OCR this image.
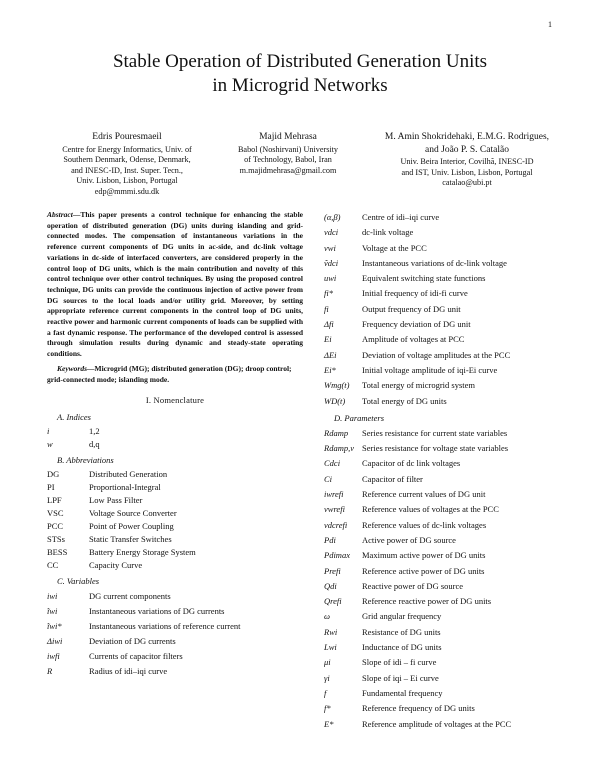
1
Stable Operation of Distributed Generation Units
in Microgrid Networks
Edris Pouresmaeil
Centre for Energy Informatics, Univ. of
Southern Denmark, Odense, Denmark,
and INESC-ID, Inst. Super. Tecn.,
Univ. Lisbon, Lisbon, Portugal
edp@mmmi.sdu.dk
Majid Mehrasa
Babol (Noshirvani) University
of Technology, Babol, Iran
m.majidmehrasa@gmail.com
M. Amin Shokridehaki, E.M.G. Rodrigues,
and João P. S. Catalão
Univ. Beira Interior, Covilhã, INESC-ID
and IST, Univ. Lisbon, Lisbon, Portugal
catalao@ubi.pt

Abstract—This paper presents a control technique for enhancing the stable operation of distributed generation (DG) units during islanding and grid-connected modes. The compensation of instantaneous variations in the reference current components of DG units in ac-side, and dc-link voltage variations in dc-side of interfaced converters, are considered properly in the control loop of DG units, which is the main contribution and novelty of this control technique over other control techniques. By using the proposed control technique, DG units can provide the continuous injection of active power from DG sources to the local loads and/or utility grid. Moreover, by setting appropriate reference current components in the control loop of DG units, reactive power and harmonic current components of loads can be supplied with a fast dynamic response. The performance of the developed control is assessed through simulation results during dynamic and steady-state operating conditions.

Keywords—Microgrid (MG); distributed generation (DG); droop control; grid-connected mode; islanding mode.

I. Nomenclature
A. Indices
i	1,2
w	d,q
B. Abbreviations
DG	Distributed Generation
PI	Proportional-Integral
LPF	Low Pass Filter
VSC	Voltage Source Converter
PCC	Point of Power Coupling
STSs	Static Transfer Switches
BESS	Battery Energy Storage System
CC	Capacity Curve
C. Variables
iwi	DG current components
ĩwi	Instantaneous variations of DG currents
ĩwi*	Instantaneous variations of reference current
Δiwi	Deviation of DG currents
iwfi	Currents of capacitor filters
R	Radius of idi–iqi curve
(α,β)	Centre of idi–iqi curve
vdci	dc-link voltage
vwi	Voltage at the PCC
ṽdci	Instantaneous variations of dc-link voltage
uwi	Equivalent switching state functions
fi*	Initial frequency of idi-fi curve
fi	Output frequency of DG unit
Δfi	Frequency deviation of DG unit
Ei	Amplitude of voltages at PCC
ΔEi	Deviation of voltage amplitudes at the PCC
Ei*	Initial voltage amplitude of iqi-Ei curve
Wmg(t)	Total energy of microgrid system
WD(t)	Total energy of DG units
D. Parameters
Rdamp	Series resistance for current state variables
Rdamp,v Series resistance for voltage state variables
Cdci	Capacitor of dc link voltages
Ci	Capacitor of filter
iwrefi	Reference current values of DG unit
vwrefi	Reference values of voltages at the PCC
vdcrefi	Reference values of dc-link voltages
Pdi	Active power of DG source
Pdimax	Maximum active power of DG units
Prefi	Reference active power of DG units
Qdi	Reactive power of DG source
Qrefi	Reference reactive power of DG units
ω	Grid angular frequency
Rwi	Resistance of DG units
Lwi	Inductance of DG units
μi	Slope of idi – fi curve
γi	Slope of iqi – Ei curve
f	Fundamental frequency
f*	Reference frequency of DG units
E*	Reference amplitude of voltages at the PCC
